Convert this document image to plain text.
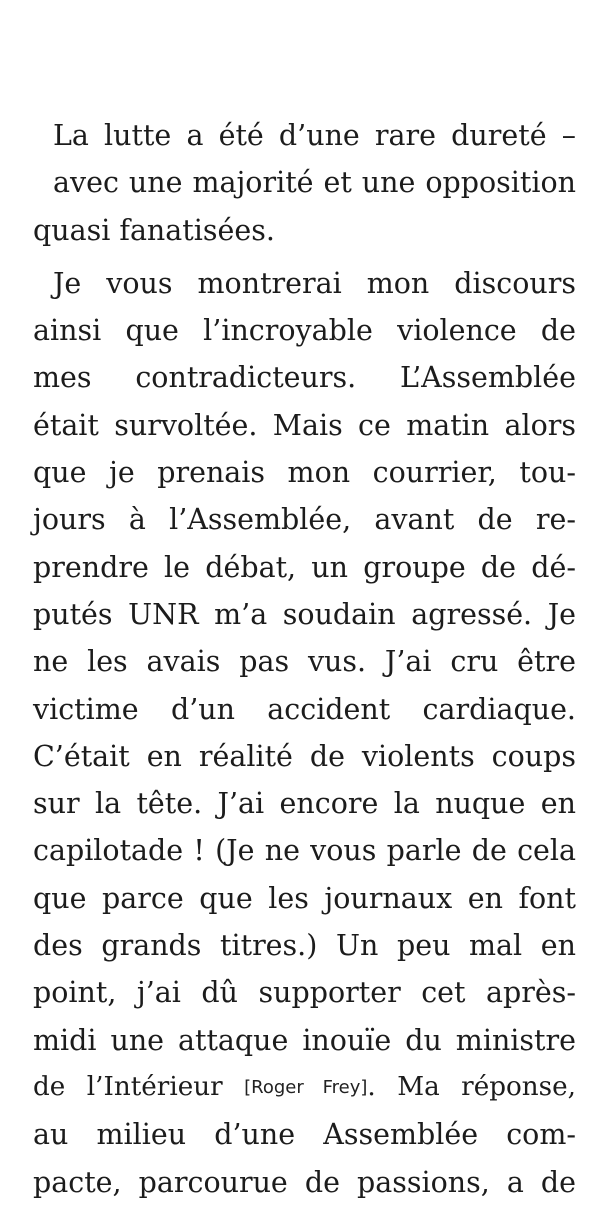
La lutte a été d’une rare dureté –
avec une majorité et une opposition
quasi fanatisées.
Je vous montrerai mon discours
ainsi que l’incroyable violence de
mes contradicteurs. L’Assemblée
était survoltée. Mais ce matin alors
que je prenais mon courrier, tou-
jours à l’Assemblée, avant de re-
prendre le débat, un groupe de dé-
putés UNR m’a soudain agressé. Je
ne les avais pas vus. J’ai cru être
victime d’un accident cardiaque.
C’était en réalité de violents coups
sur la tête. J’ai encore la nuque en
capilotade ! (Je ne vous parle de cela
que parce que les journaux en font
des grands titres.) Un peu mal en
point, j’ai dû supporter cet après-
midi une attaque inouïe du ministre
de l’Intérieur [Roger Frey]. Ma réponse,
au milieu d’une Assemblée com-
pacte, parcourue de passions, a de
